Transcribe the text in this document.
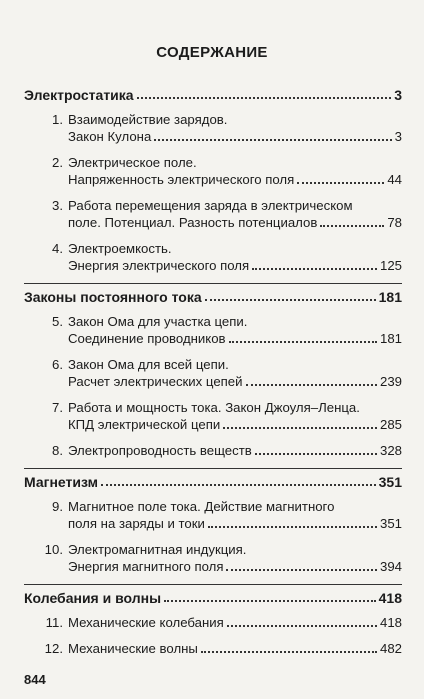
СОДЕРЖАНИЕ
Электростатика	3
1. Взаимодействие зарядов.
Закон Кулона	3
2. Электрическое поле.
Напряженность электрического поля	44
3. Работа перемещения заряда в электрическом
поле. Потенциал. Разность потенциалов	78
4. Электроемкость.
Энергия электрического поля	125
Законы постоянного тока	181
5. Закон Ома для участка цепи.
Соединение проводников	181
6. Закон Ома для всей цепи.
Расчет электрических цепей	239
7. Работа и мощность тока. Закон Джоуля–Ленца.
КПД электрической цепи	285
8. Электропроводность веществ	328
Магнетизм	351
9. Магнитное поле тока. Действие магнитного
поля на заряды и токи	351
10. Электромагнитная индукция.
Энергия магнитного поля	394
Колебания и волны	418
11. Механические колебания	418
12. Механические волны	482
844
